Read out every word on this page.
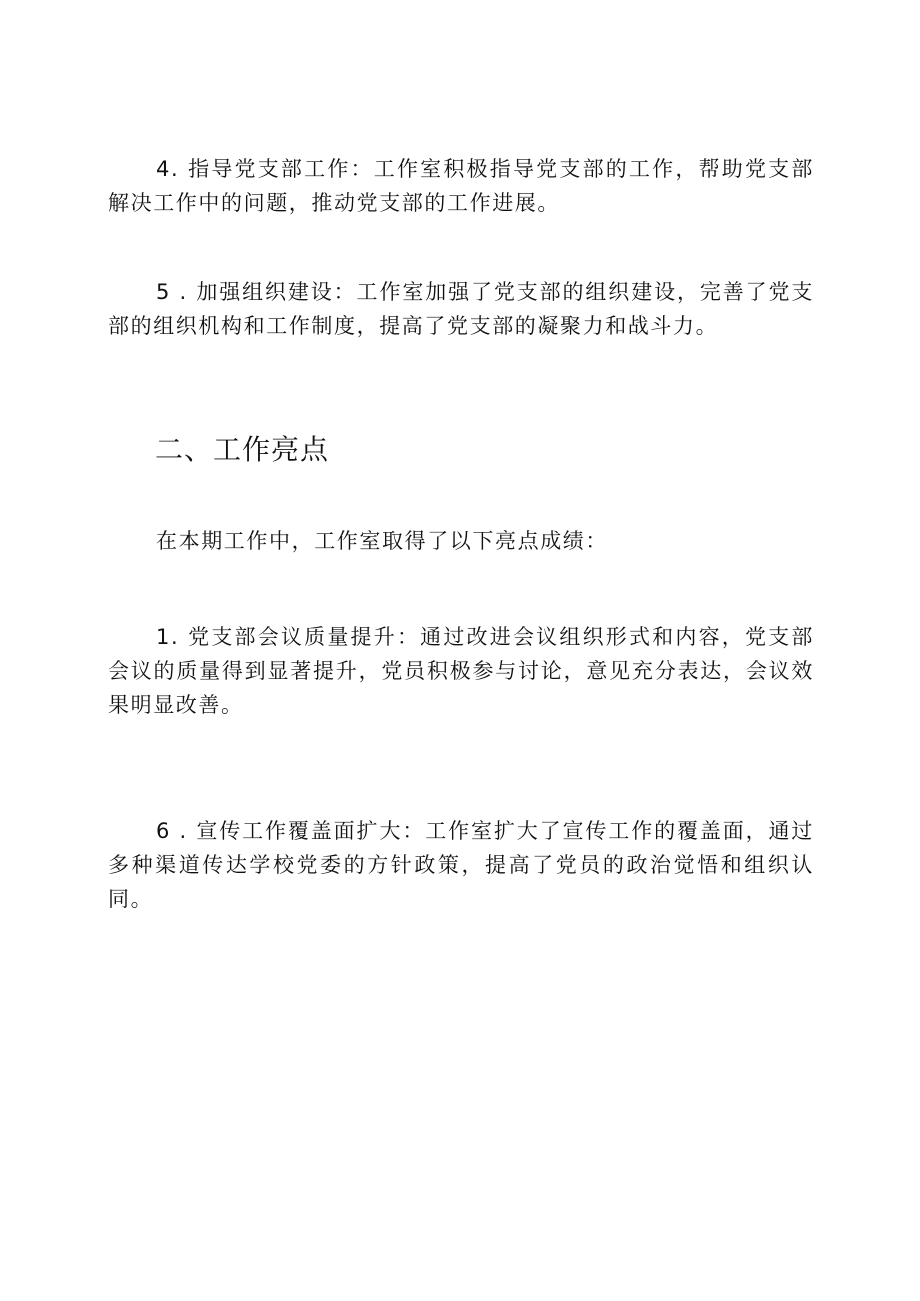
4. 指导党支部工作：工作室积极指导党支部的工作，帮助党支部解决工作中的问题，推动党支部的工作进展。

5 . 加强组织建设：工作室加强了党支部的组织建设，完善了党支部的组织机构和工作制度，提高了党支部的凝聚力和战斗力。

二、工作亮点

在本期工作中，工作室取得了以下亮点成绩：

1. 党支部会议质量提升：通过改进会议组织形式和内容，党支部会议的质量得到显著提升，党员积极参与讨论，意见充分表达，会议效果明显改善。

6 . 宣传工作覆盖面扩大：工作室扩大了宣传工作的覆盖面，通过多种渠道传达学校党委的方针政策，提高了党员的政治觉悟和组织认同。
